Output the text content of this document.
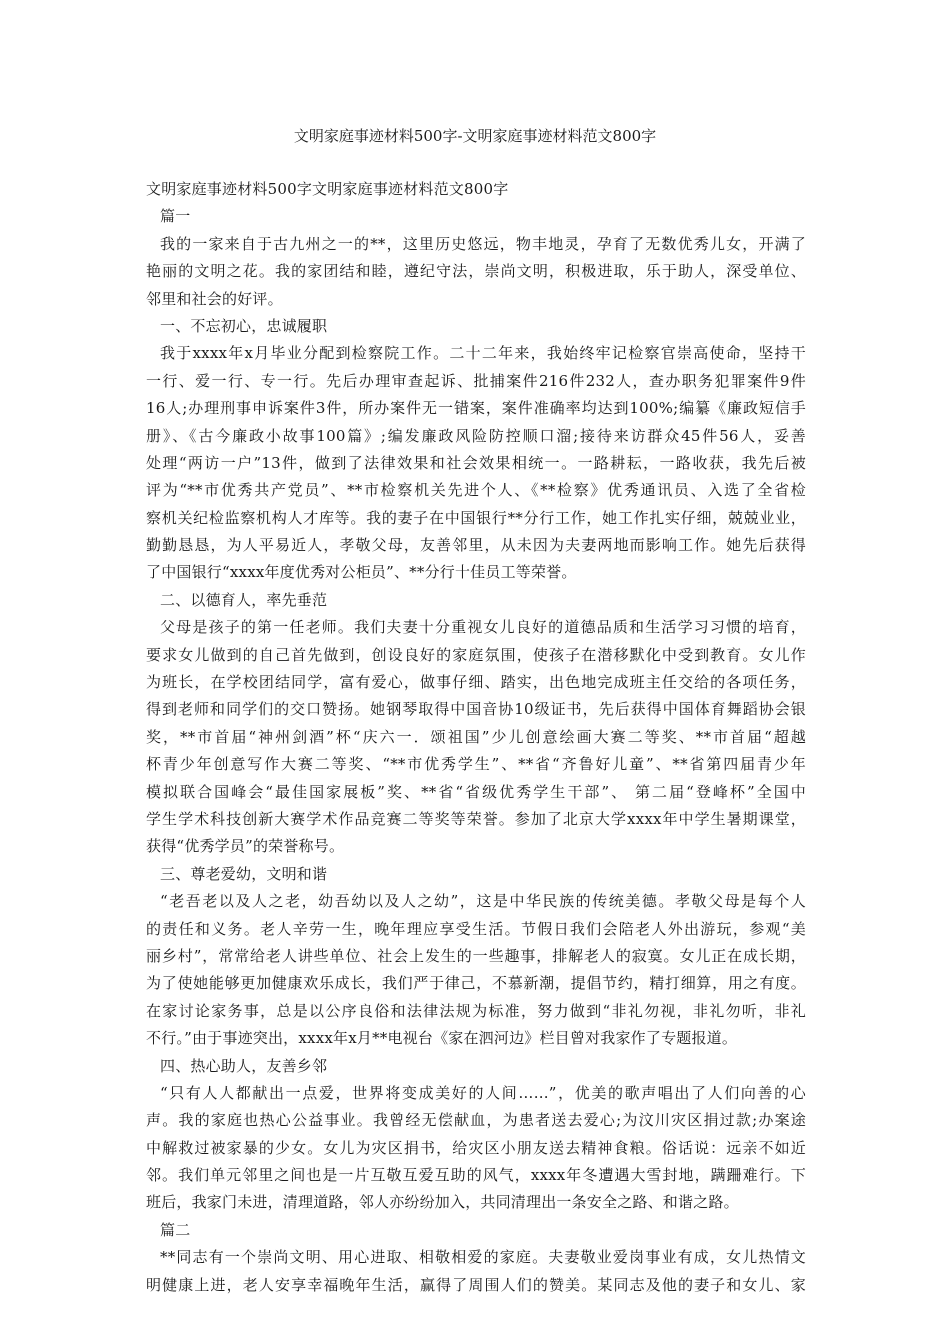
文明家庭事迹材料500字-文明家庭事迹材料范文800字
文明家庭事迹材料500字文明家庭事迹材料范文800字
篇一
我的一家来自于古九州之一的**，这里历史悠远，物丰地灵，孕育了无数优秀儿女，开满了
艳丽的文明之花。我的家团结和睦，遵纪守法，崇尚文明，积极进取，乐于助人，深受单位、
邻里和社会的好评。
一、不忘初心，忠诚履职
我于xxxx年x月毕业分配到检察院工作。二十二年来，我始终牢记检察官崇高使命，坚持干
一行、爱一行、专一行。先后办理审查起诉、批捕案件216件232人，查办职务犯罪案件9件
16人;办理刑事申诉案件3件，所办案件无一错案，案件准确率均达到100%;编纂《廉政短信手
册》、《古今廉政小故事100篇》;编发廉政风险防控顺口溜;接待来访群众45件56人，妥善
处理“两访一户”13件，做到了法律效果和社会效果相统一。一路耕耘，一路收获，我先后被
评为“**市优秀共产党员”、**市检察机关先进个人、《**检察》优秀通讯员、入选了全省检
察机关纪检监察机构人才库等。我的妻子在中国银行**分行工作，她工作扎实仔细，兢兢业业，
勤勤恳恳，为人平易近人，孝敬父母，友善邻里，从未因为夫妻两地而影响工作。她先后获得
了中国银行“xxxx年度优秀对公柜员”、**分行十佳员工等荣誉。
二、以德育人，率先垂范
父母是孩子的第一任老师。我们夫妻十分重视女儿良好的道德品质和生活学习习惯的培育，
要求女儿做到的自己首先做到，创设良好的家庭氛围，使孩子在潜移默化中受到教育。女儿作
为班长，在学校团结同学，富有爱心，做事仔细、踏实，出色地完成班主任交给的各项任务，
得到老师和同学们的交口赞扬。她钢琴取得中国音协10级证书，先后获得中国体育舞蹈协会银
奖，**市首届“神州剑酒”杯“庆六一．颂祖国”少儿创意绘画大赛二等奖、**市首届“超越
杯青少年创意写作大赛二等奖、“**市优秀学生”、**省“齐鲁好儿童”、**省第四届青少年
模拟联合国峰会“最佳国家展板”奖、**省“省级优秀学生干部”、 第二届“登峰杯”全国中
学生学术科技创新大赛学术作品竞赛二等奖等荣誉。参加了北京大学xxxx年中学生暑期课堂，
获得“优秀学员”的荣誉称号。
三、尊老爱幼，文明和谐
“老吾老以及人之老，幼吾幼以及人之幼”，这是中华民族的传统美德。孝敬父母是每个人
的责任和义务。老人辛劳一生，晚年理应享受生活。节假日我们会陪老人外出游玩，参观“美
丽乡村”，常常给老人讲些单位、社会上发生的一些趣事，排解老人的寂寞。女儿正在成长期，
为了使她能够更加健康欢乐成长，我们严于律己，不慕新潮，提倡节约，精打细算，用之有度。
在家讨论家务事，总是以公序良俗和法律法规为标准，努力做到“非礼勿视，非礼勿听，非礼
不行。”由于事迹突出，xxxx年x月**电视台《家在泗河边》栏目曾对我家作了专题报道。
四、热心助人，友善乡邻
“只有人人都献出一点爱，世界将变成美好的人间……”，优美的歌声唱出了人们向善的心
声。我的家庭也热心公益事业。我曾经无偿献血，为患者送去爱心;为汶川灾区捐过款;办案途
中解救过被家暴的少女。女儿为灾区捐书，给灾区小朋友送去精神食粮。俗话说：远亲不如近
邻。我们单元邻里之间也是一片互敬互爱互助的风气，xxxx年冬遭遇大雪封地，蹒跚难行。下
班后，我家门未进，清理道路，邻人亦纷纷加入，共同清理出一条安全之路、和谐之路。
篇二
**同志有一个崇尚文明、用心进取、相敬相爱的家庭。夫妻敬业爱岗事业有成，女儿热情文
明健康上进，老人安享幸福晚年生活，赢得了周围人们的赞美。某同志及他的妻子和女儿、家
